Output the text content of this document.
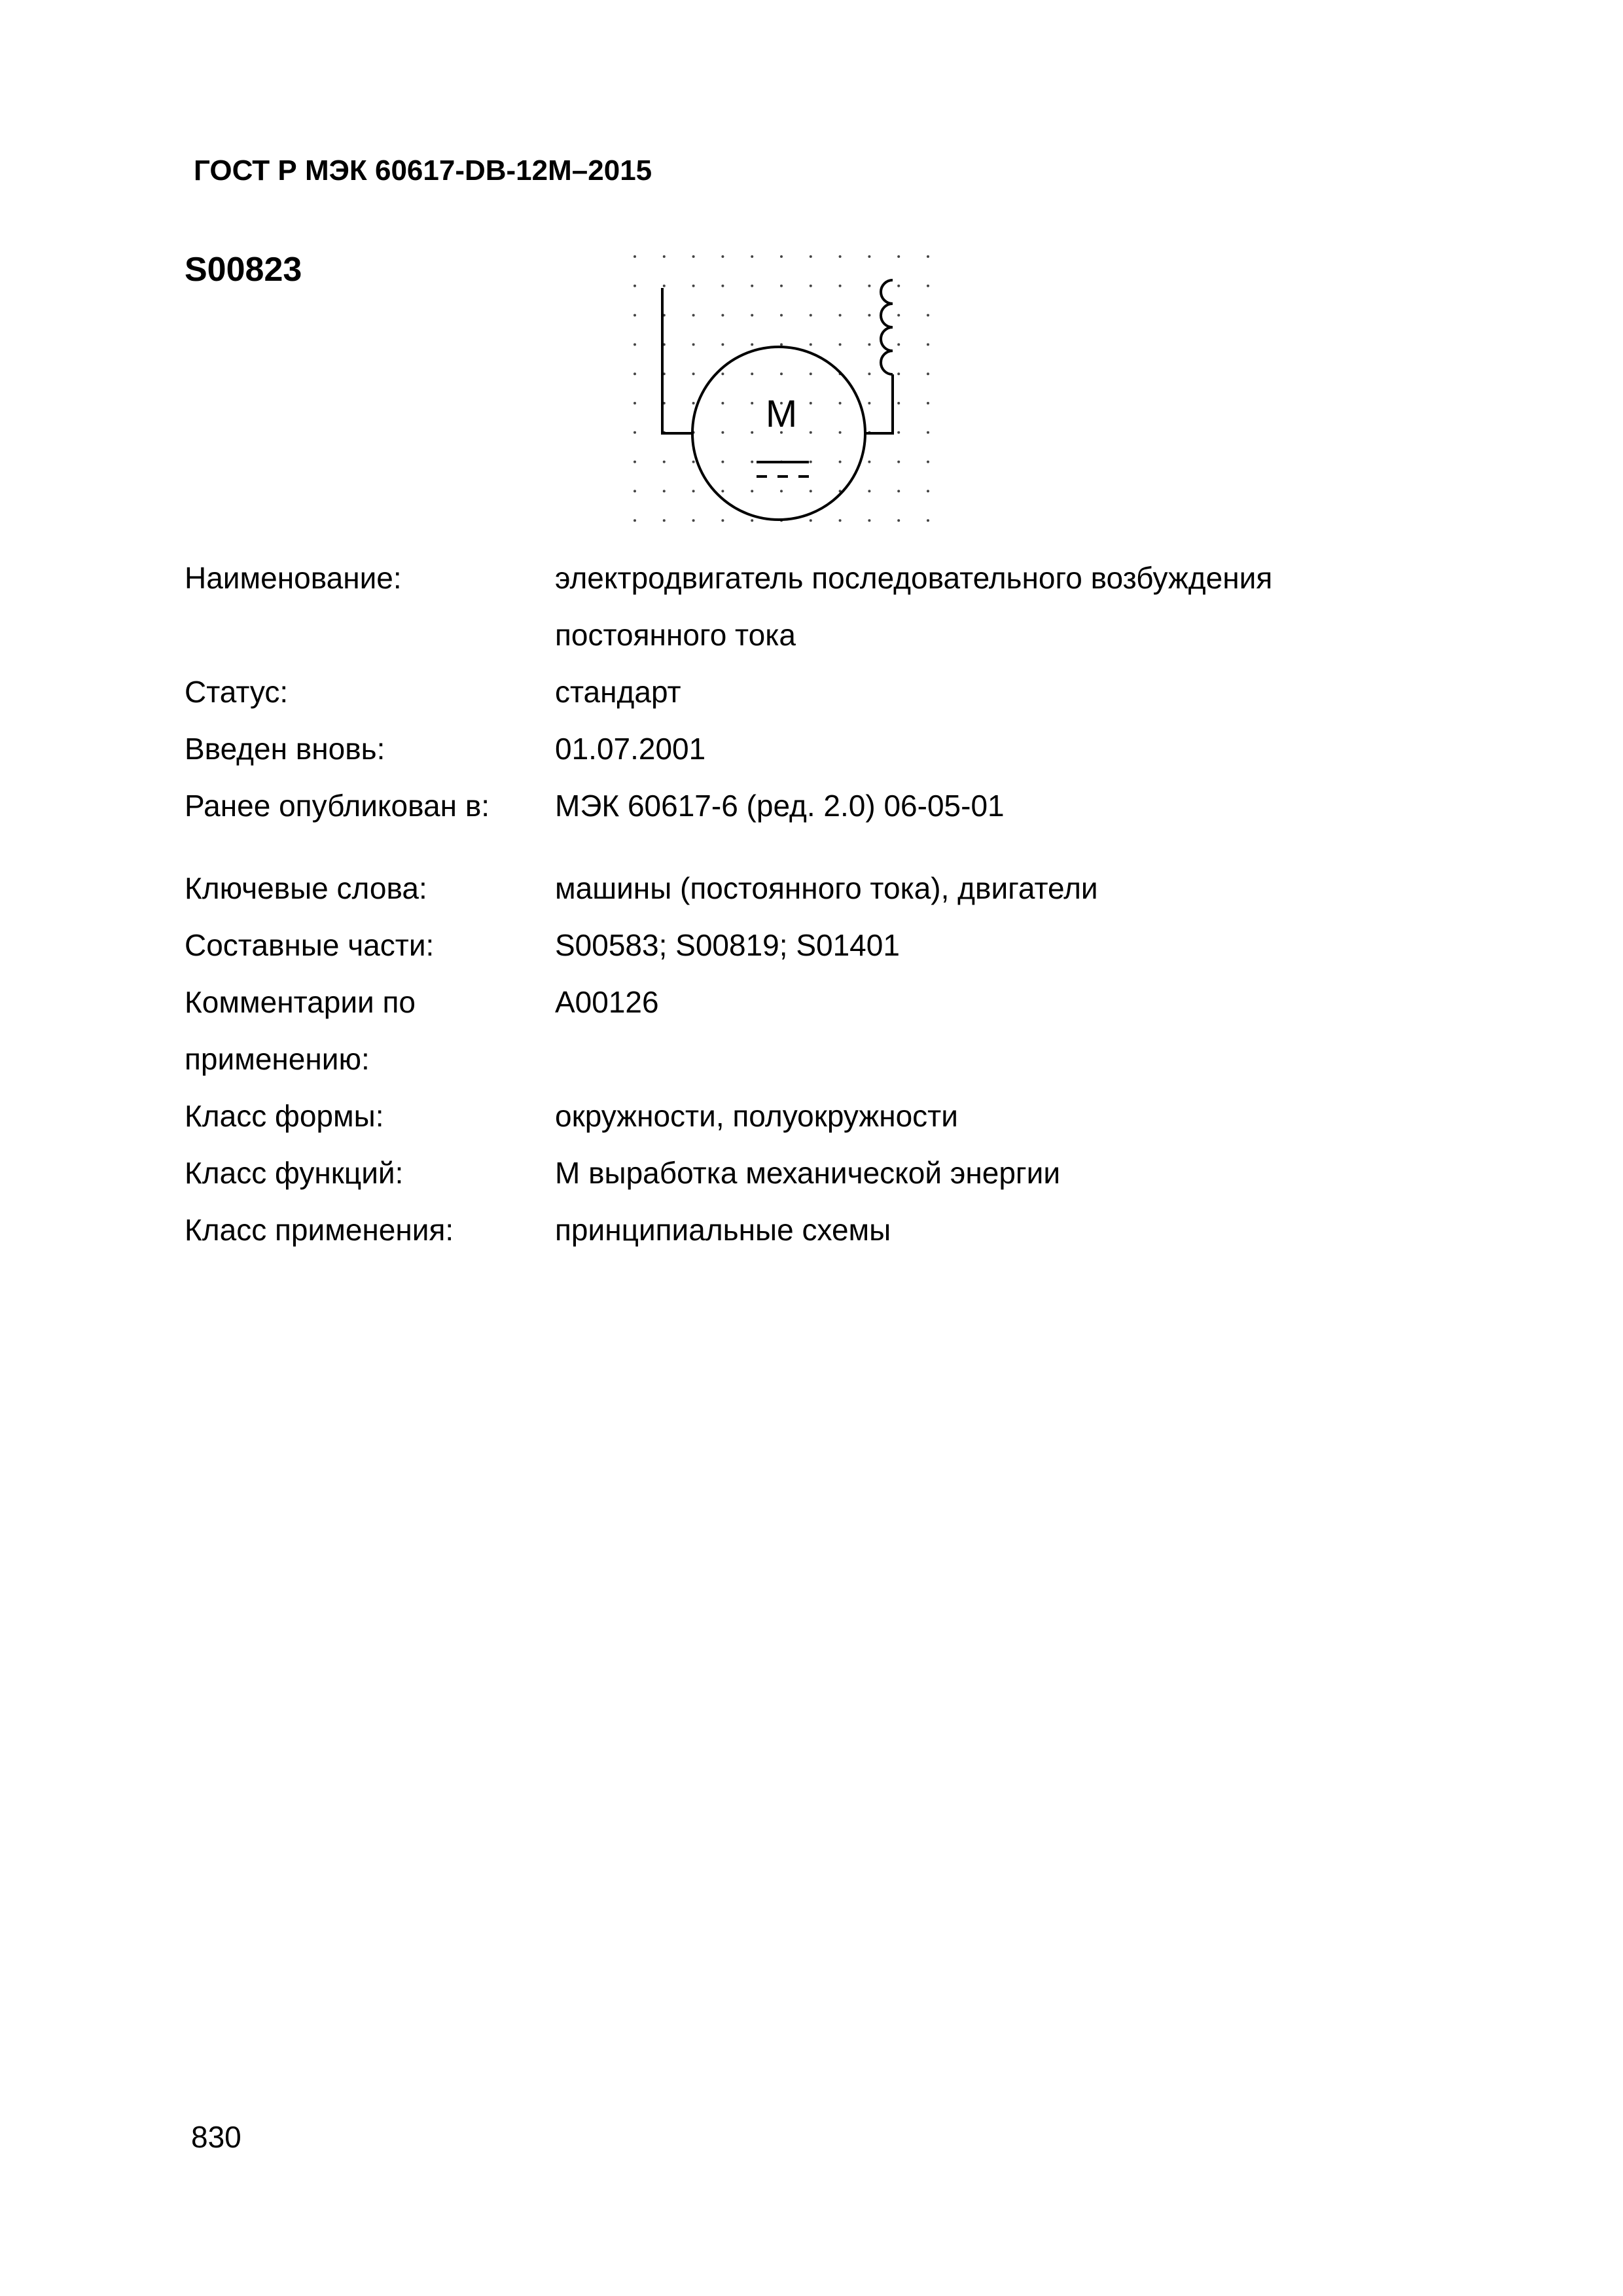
ГОСТ Р МЭК 60617-DB-12M–2015
S00823
M
Наименование:	электродвигатель последовательного возбуждения
постоянного тока
Статус:	стандарт
Введен вновь:	01.07.2001
Ранее опубликован в:	МЭК 60617-6 (ред. 2.0) 06-05-01
Ключевые слова:	машины (постоянного тока), двигатели
Составные части:	S00583; S00819; S01401
Комментарии по
применению:
A00126
Класс формы:	окружности, полуокружности
Класс функций:	M выработка механической энергии
Класс применения:	принципиальные схемы
830
